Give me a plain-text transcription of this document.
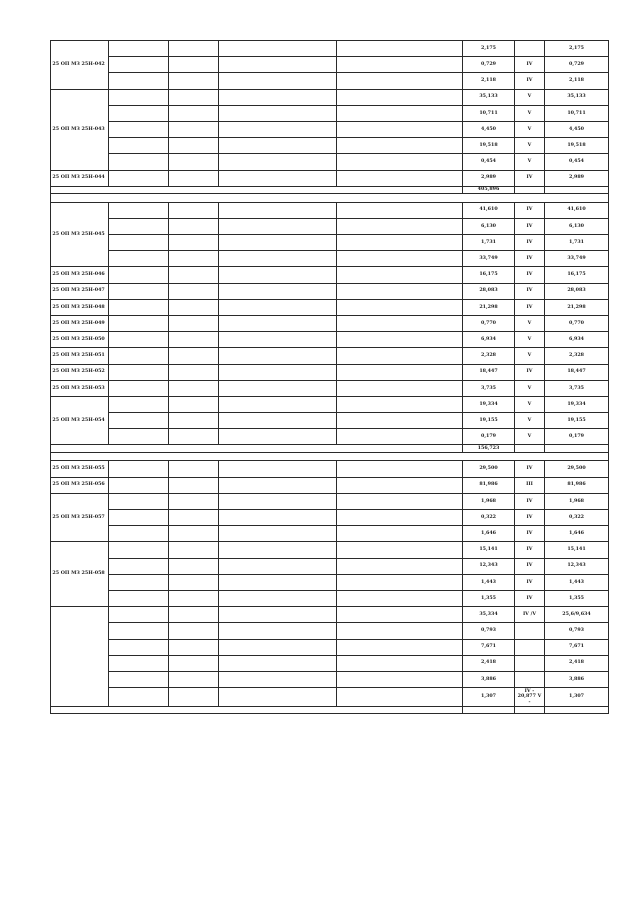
25 ОП МЗ 25Н-042					2,175		2,175
					0,729	IV	0,729
					2,118	IV	2,118
25 ОП МЗ 25Н-043					35,133	V	35,133
					10,711	V	10,711
					4,450	V	4,450
					19,518	V	19,518
					0,454	V	0,454
25 ОП МЗ 25Н-044					2,989	IV	2,989
					405,896		

25 ОП МЗ 25Н-045					41,610	IV	41,610
					6,130	IV	6,130
					1,731	IV	1,731
					33,749	IV	33,749
25 ОП МЗ 25Н-046					16,175	IV	16,175
25 ОП МЗ 25Н-047					28,083	IV	28,083
25 ОП МЗ 25Н-048					21,298	IV	21,298
25 ОП МЗ 25Н-049					0,770	V	0,770
25 ОП МЗ 25Н-050					6,934	V	6,934
25 ОП МЗ 25Н-051					2,328	V	2,328
25 ОП МЗ 25Н-052					18,447	IV	18,447
25 ОП МЗ 25Н-053					3,735	V	3,735
25 ОП МЗ 25Н-054					19,334	V	19,334
					19,155	V	19,155
					0,179	V	0,179
					156,723		

25 ОП МЗ 25Н-055					29,500	IV	29,500
25 ОП МЗ 25Н-056					81,986	III	81,986
25 ОП МЗ 25Н-057					1,968	IV	1,968
					0,322	IV	0,322
					1,646	IV	1,646
25 ОП МЗ 25Н-058					15,141	IV	15,141
					12,343	IV	12,343
					1,443	IV	1,443
					1,355	IV	1,355
					35,334	IV /V	25,6/9,634
					0,793		0,793
					7,671		7,671
					2,418		2,418
					3,886		3,886
					1,307	IV - 20,877 V -	1,307
